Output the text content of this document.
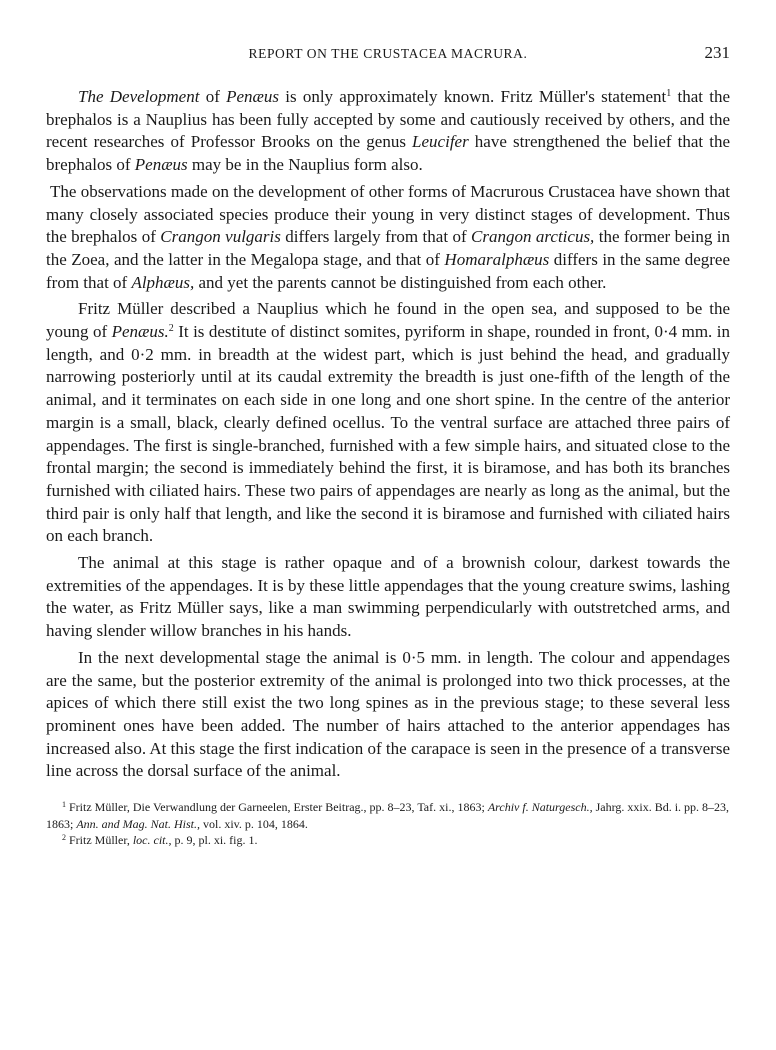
REPORT ON THE CRUSTACEA MACRURA.	231

The Development of Penæus is only approximately known. Fritz Müller's statement$^1$ that the brephalos is a Nauplius has been fully accepted by some and cautiously received by others, and the recent researches of Professor Brooks on the genus Leucifer have strengthened the belief that the brephalos of Penæus may be in the Nauplius form also.

The observations made on the development of other forms of Macrurous Crustacea have shown that many closely associated species produce their young in very distinct stages of development. Thus the brephalos of Crangon vulgaris differs largely from that of Crangon arcticus, the former being in the Zoea, and the latter in the Megalopa stage, and that of Homaralphæus differs in the same degree from that of Alphæus, and yet the parents cannot be distinguished from each other.

Fritz Müller described a Nauplius which he found in the open sea, and supposed to be the young of Penæus.$^2$ It is destitute of distinct somites, pyriform in shape, rounded in front, 0·4 mm. in length, and 0·2 mm. in breadth at the widest part, which is just behind the head, and gradually narrowing posteriorly until at its caudal extremity the breadth is just one-fifth of the length of the animal, and it terminates on each side in one long and one short spine. In the centre of the anterior margin is a small, black, clearly defined ocellus. To the ventral surface are attached three pairs of appendages. The first is single-branched, furnished with a few simple hairs, and situated close to the frontal margin; the second is immediately behind the first, it is biramose, and has both its branches furnished with ciliated hairs. These two pairs of appendages are nearly as long as the animal, but the third pair is only half that length, and like the second it is biramose and furnished with ciliated hairs on each branch.

The animal at this stage is rather opaque and of a brownish colour, darkest towards the extremities of the appendages. It is by these little appendages that the young creature swims, lashing the water, as Fritz Müller says, like a man swimming perpendicularly with outstretched arms, and having slender willow branches in his hands.

In the next developmental stage the animal is 0·5 mm. in length. The colour and appendages are the same, but the posterior extremity of the animal is prolonged into two thick processes, at the apices of which there still exist the two long spines as in the previous stage; to these several less prominent ones have been added. The number of hairs attached to the anterior appendages has increased also. At this stage the first indication of the carapace is seen in the presence of a transverse line across the dorsal surface of the animal.

$^1$ Fritz Müller, Die Verwandlung der Garneelen, Erster Beitrag., pp. 8–23, Taf. xi., 1863; Archiv f. Naturgesch., Jahrg. xxix. Bd. i. pp. 8–23, 1863; Ann. and Mag. Nat. Hist., vol. xiv. p. 104, 1864.

$^2$ Fritz Müller, loc. cit., p. 9, pl. xi. fig. 1.
